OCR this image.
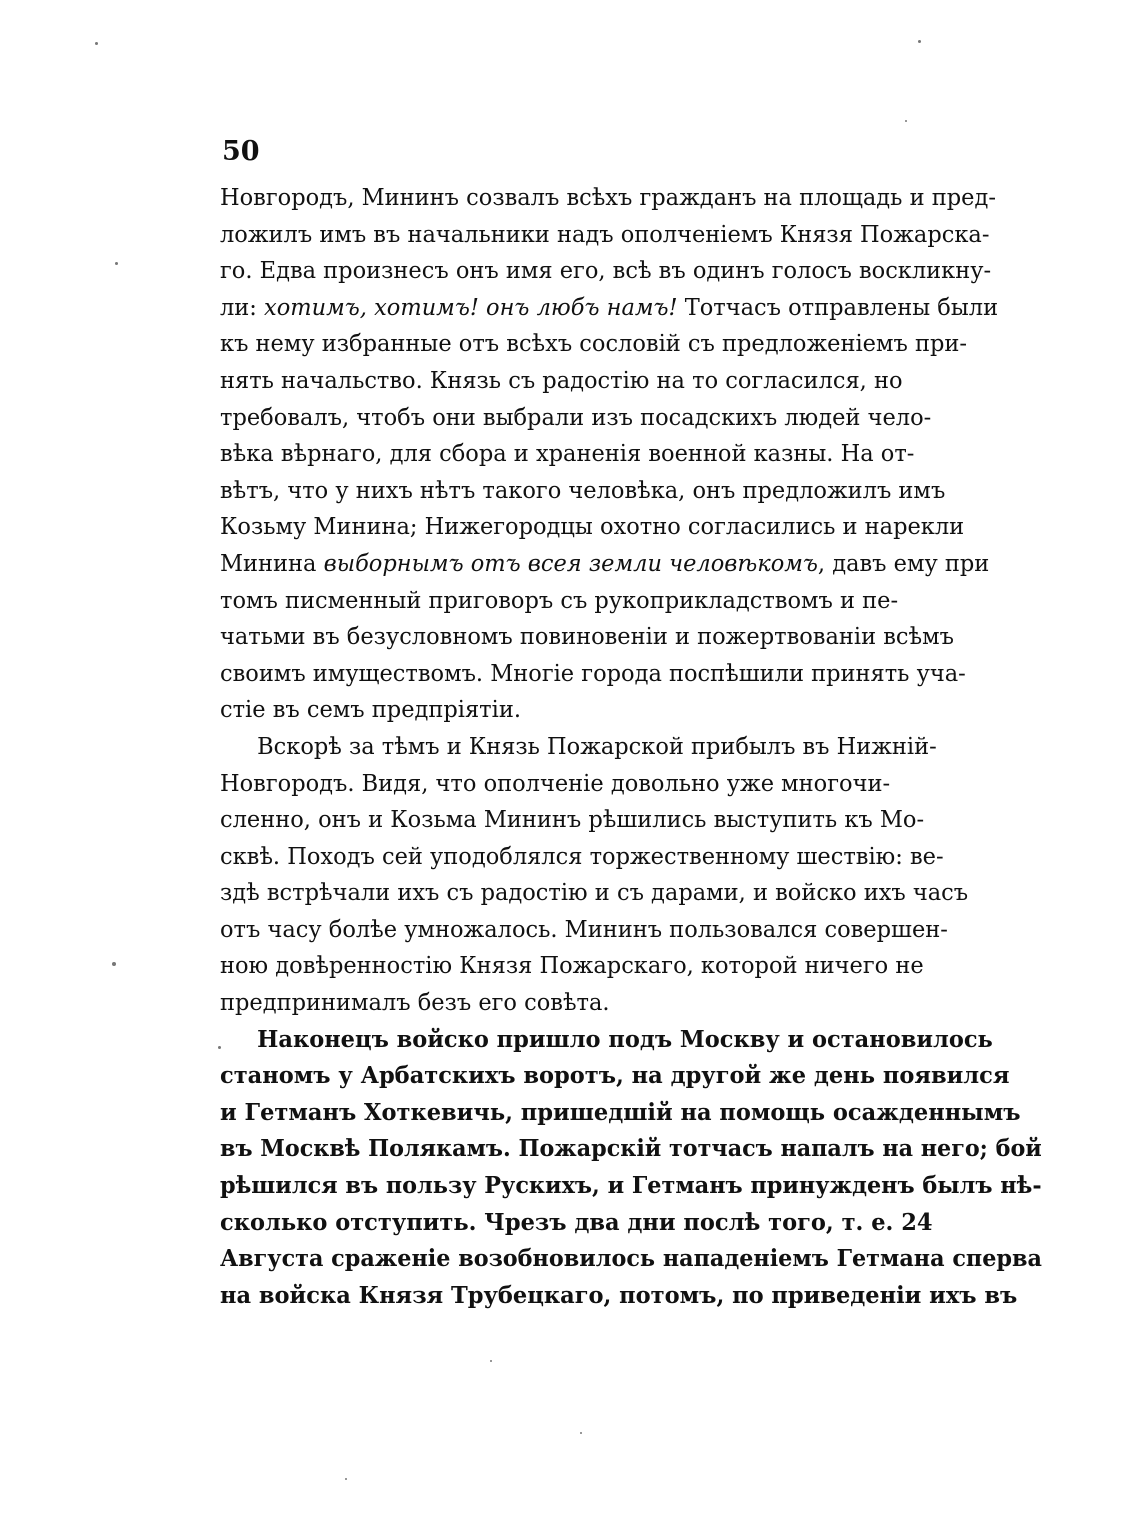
50
Новгородъ, Мининъ созвалъ всѣхъ гражданъ на площадь и пред-
ложилъ имъ въ начальники надъ ополченіемъ Князя Пожарска-
го. Едва произнесъ онъ имя его, всѣ въ одинъ голосъ воскликну-
ли: хотимъ, хотимъ! онъ любъ намъ! Тотчасъ отправлены были
къ нему избранные отъ всѣхъ сословій съ предложеніемъ при-
нять начальство. Князь съ радостію на то согласился, но
требовалъ, чтобъ они выбрали изъ посадскихъ людей чело-
вѣка вѣрнаго, для сбора и храненія военной казны. На от-
вѣтъ, что у нихъ нѣтъ такого человѣка, онъ предложилъ имъ
Козьму Минина; Нижегородцы охотно согласились и нарекли
Минина выборнымъ отъ всея земли человѣкомъ, давъ ему при
томъ писменный приговоръ съ рукоприкладствомъ и пе-
чатьми въ безусловномъ повиновеніи и пожертвованіи всѣмъ
своимъ имуществомъ. Многіе города поспѣшили принять уча-
стіе въ семъ предпріятіи.
Вскорѣ за тѣмъ и Князь Пожарской прибылъ въ Нижній-
Новгородъ. Видя, что ополченіе довольно уже многочи-
сленно, онъ и Козьма Мининъ рѣшились выступить къ Мо-
сквѣ. Походъ сей уподоблялся торжественному шествію: ве-
здѣ встрѣчали ихъ съ радостію и съ дарами, и войско ихъ часъ
отъ часу болѣе умножалось. Мининъ пользовался совершен-
ною довѣренностію Князя Пожарскаго, которой ничего не
предпринималъ безъ его совѣта.
Наконецъ войско пришло подъ Москву и остановилось
станомъ у Арбатскихъ воротъ, на другой же день появился
и Гетманъ Хоткевичь, пришедшій на помощь осажденнымъ
въ Москвѣ Полякамъ. Пожарскій тотчасъ напалъ на него; бой
рѣшился въ пользу Рускихъ, и Гетманъ принужденъ былъ нѣ-
сколько отступить. Чрезъ два дни послѣ того, т. е. 24
Августа сраженіе возобновилось нападеніемъ Гетмана сперва
на войска Князя Трубецкаго, потомъ, по приведеніи ихъ въ
